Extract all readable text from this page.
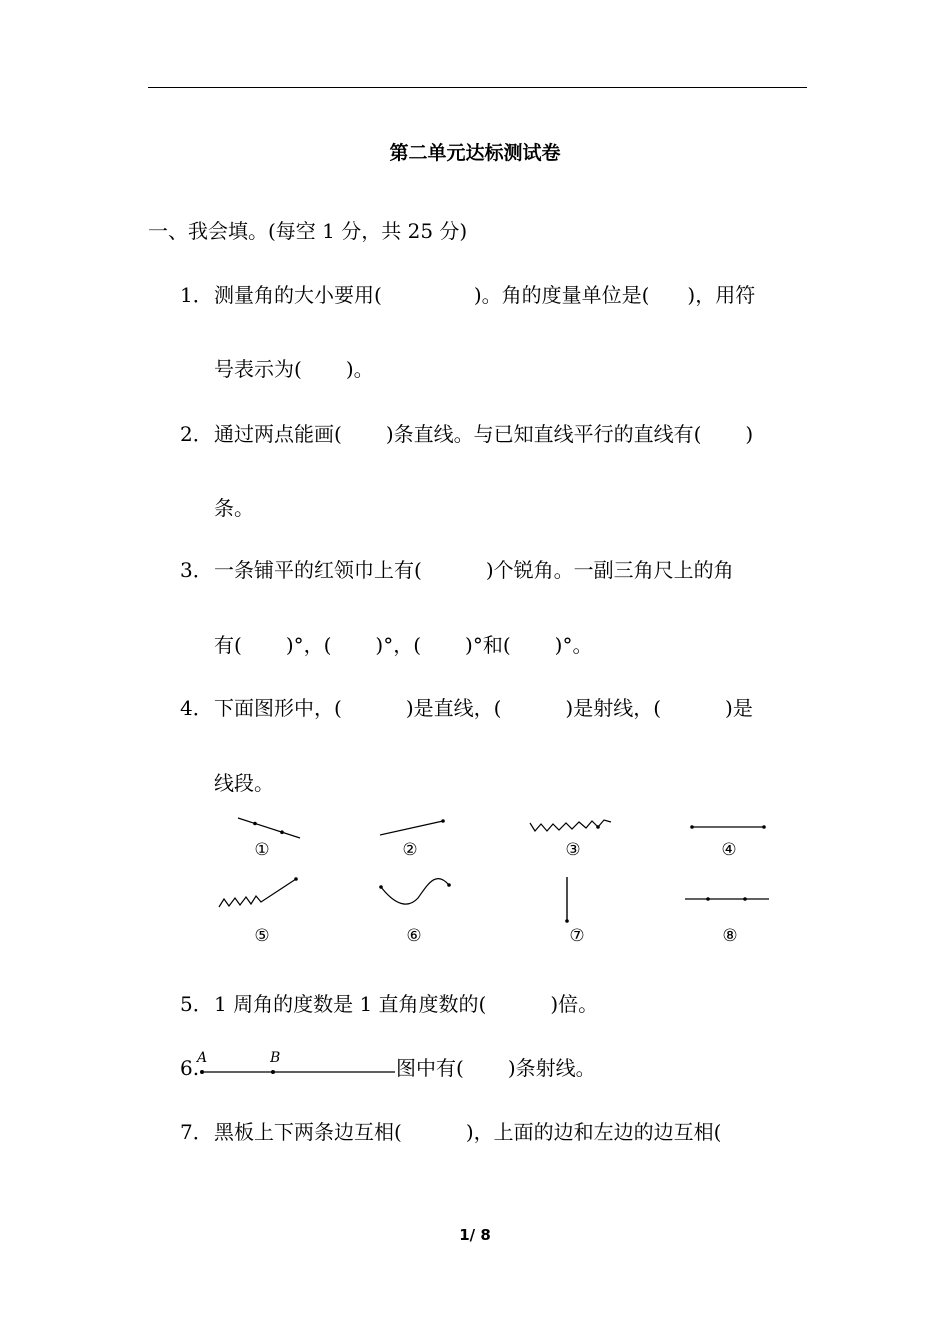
第二单元达标测试卷
一、我会填。(每空 1 分，共 25 分)
1．测量角的大小要用(	)。角的度量单位是( )，用符
号表示为( )。
2．通过两点能画( )条直线。与已知直线平行的直线有( )
条。
3．一条铺平的红领巾上有(	)个锐角。一副三角尺上的角
有( )°，( )°，( )°和( )°。
4．下面图形中，(	)是直线，(	)是射线，(	)是
线段。
①	②	③	④
⑤	⑥	⑦	⑧
5．1 周角的度数是 1 直角度数的(	)倍。
6.
A	B	图中有( )条射线。
7．黑板上下两条边互相(	)，上面的边和左边的边互相(
1/ 8
